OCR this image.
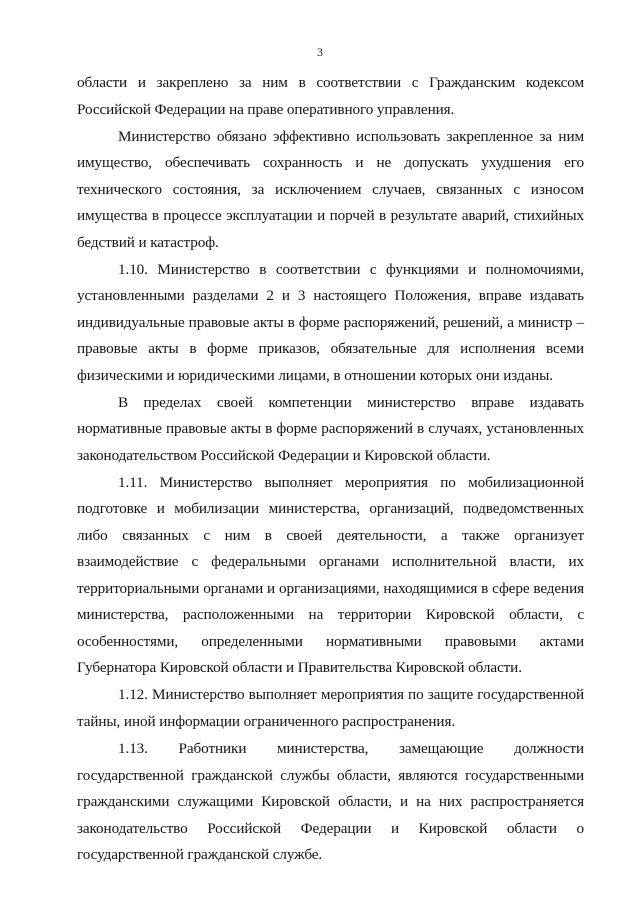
3

области и закреплено за ним в соответствии с Гражданским кодексом Российской Федерации на праве оперативного управления.

Министерство обязано эффективно использовать закрепленное за ним имущество, обеспечивать сохранность и не допускать ухудшения его технического состояния, за исключением случаев, связанных с износом имущества в процессе эксплуатации и порчей в результате аварий, стихийных бедствий и катастроф.

1.10. Министерство в соответствии с функциями и полномочиями, установленными разделами 2 и 3 настоящего Положения, вправе издавать индивидуальные правовые акты в форме распоряжений, решений, а министр – правовые акты в форме приказов, обязательные для исполнения всеми физическими и юридическими лицами, в отношении которых они изданы.

В пределах своей компетенции министерство вправе издавать нормативные правовые акты в форме распоряжений в случаях, установленных законодательством Российской Федерации и Кировской области.

1.11. Министерство выполняет мероприятия по мобилизационной подготовке и мобилизации министерства, организаций, подведомственных либо связанных с ним в своей деятельности, а также организует взаимодействие с федеральными органами исполнительной власти, их территориальными органами и организациями, находящимися в сфере ведения министерства, расположенными на территории Кировской области, с особенностями, определенными нормативными правовыми актами Губернатора Кировской области и Правительства Кировской области.

1.12. Министерство выполняет мероприятия по защите государственной тайны, иной информации ограниченного распространения.

1.13. Работники министерства, замещающие должности государственной гражданской службы области, являются государственными гражданскими служащими Кировской области, и на них распространяется законодательство Российской Федерации и Кировской области о государственной гражданской службе.
